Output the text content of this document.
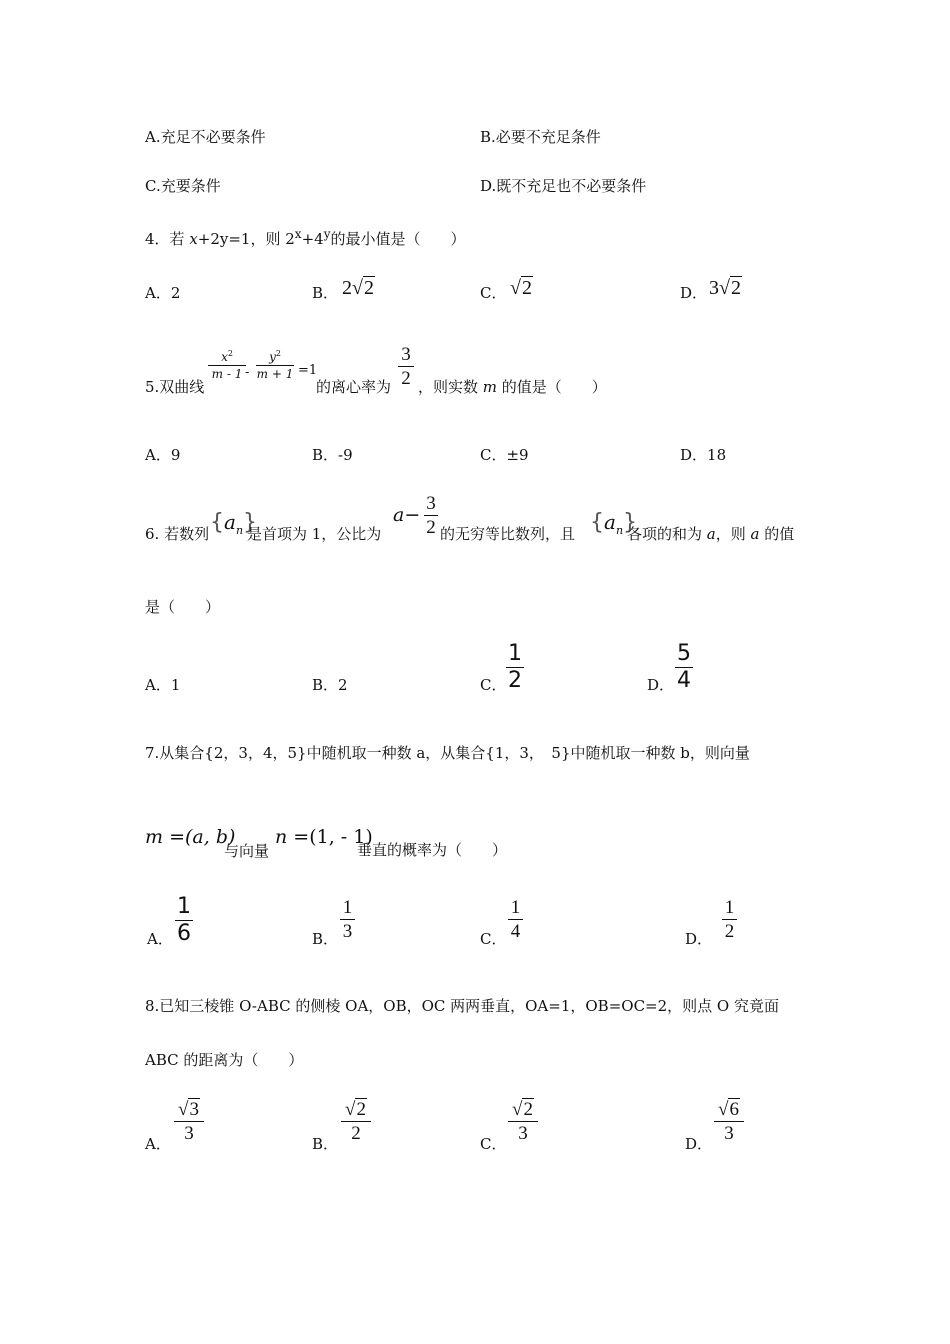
A.充足不必要条件	B.必要不充足条件
C.充要条件	D.既不充足也不必要条件
4．若 x+2y=1，则 $2^x+4^y$的最小值是（　　）
A．2	B． 2√2	C． √2	D． 3√2
5.双曲线
$x^2$
m - 1 -
$y^2$
m + 1 =1
的离心率为
3
2 ，则实数 m 的值是（　　）
A．9	B．-9	C．±9	D．18
6. 若数列 $\{a_n\}$
是首项为 1，公比为
a−
3
2 的无穷等比数列，且 $\{a_n\}$
各项的和为 a，则 a 的值
是（　　）
A．1	B．2	C．
1
2	D．
5
4
7.从集合{2，3，4，5}中随机取一种数 a，从集合{1，3，　5}中随机取一种数 b，则向量
m =(a, b)
与向量
n =(1, - 1)
垂直的概率为（　　）
A．
1
6	B．
1
3	C．
1
4	D．
1
2
8.已知三棱锥 O-ABC 的侧棱 OA，OB，OC 两两垂直，OA=1，OB=OC=2，则点 O 究竟面
ABC 的距离为（　　）
A．
√3
3	B．
√2
2	C．
√2
3	D．
√6
3
